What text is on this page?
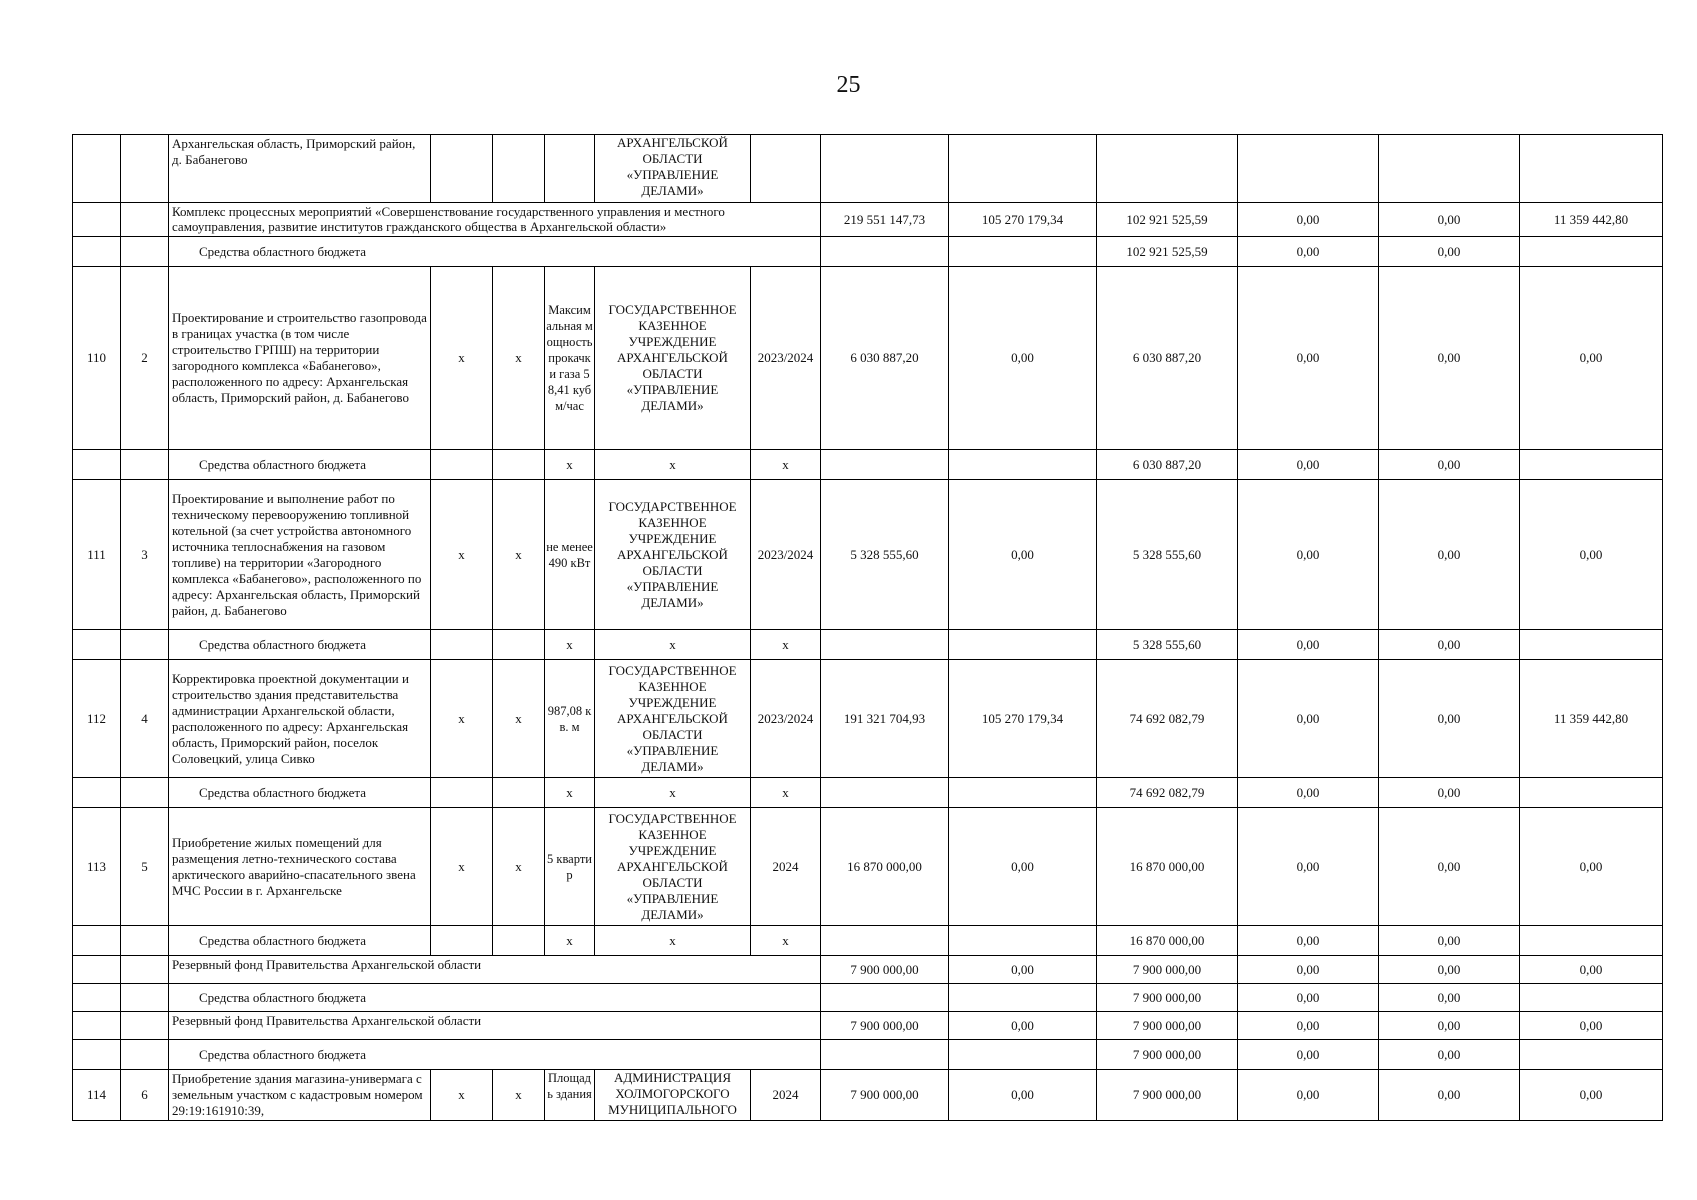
25
		Архангельская область, Приморский район, д. Бабанегово				АРХАНГЕЛЬСКОЙ ОБЛАСТИ «УПРАВЛЕНИЕ ДЕЛАМИ»							
		Комплекс процессных мероприятий «Совершенствование государственного управления и местного самоуправления, развитие институтов гражданского общества в Архангельской области»						219 551 147,73	105 270 179,34	102 921 525,59	0,00	0,00	11 359 442,80
		Средства областного бюджета								102 921 525,59	0,00	0,00	
110	2	Проектирование и строительство газопровода в границах участка (в том числе строительство ГРПШ) на территории загородного комплекса «Бабанегово», расположенного по адресу: Архангельская область, Приморский район, д. Бабанегово	х	х	Максимальная мощность прокачки газа 58,41 куб м/час	ГОСУДАРСТВЕННОЕ КАЗЕННОЕ УЧРЕЖДЕНИЕ АРХАНГЕЛЬСКОЙ ОБЛАСТИ «УПРАВЛЕНИЕ ДЕЛАМИ»	2023/2024	6 030 887,20	0,00	6 030 887,20	0,00	0,00	0,00
		Средства областного бюджета			х	х	х			6 030 887,20	0,00	0,00	
111	3	Проектирование и выполнение работ по техническому перевооружению топливной котельной (за счет устройства автономного источника теплоснабжения на газовом топливе) на территории «Загородного комплекса «Бабанегово», расположенного по адресу: Архангельская область, Приморский район, д. Бабанегово	х	х	не менее 490 кВт	ГОСУДАРСТВЕННОЕ КАЗЕННОЕ УЧРЕЖДЕНИЕ АРХАНГЕЛЬСКОЙ ОБЛАСТИ «УПРАВЛЕНИЕ ДЕЛАМИ»	2023/2024	5 328 555,60	0,00	5 328 555,60	0,00	0,00	0,00
		Средства областного бюджета			х	х	х			5 328 555,60	0,00	0,00	
112	4	Корректировка проектной документации и строительство здания представительства администрации Архангельской области, расположенного по адресу: Архангельская область, Приморский район, поселок Соловецкий, улица Сивко	х	х	987,08 кв. м	ГОСУДАРСТВЕННОЕ КАЗЕННОЕ УЧРЕЖДЕНИЕ АРХАНГЕЛЬСКОЙ ОБЛАСТИ «УПРАВЛЕНИЕ ДЕЛАМИ»	2023/2024	191 321 704,93	105 270 179,34	74 692 082,79	0,00	0,00	11 359 442,80
		Средства областного бюджета			х	х	х			74 692 082,79	0,00	0,00	
113	5	Приобретение жилых помещений для размещения летно-технического состава арктического аварийно-спасательного звена МЧС России в г. Архангельске	х	х	5 квартир	ГОСУДАРСТВЕННОЕ КАЗЕННОЕ УЧРЕЖДЕНИЕ АРХАНГЕЛЬСКОЙ ОБЛАСТИ «УПРАВЛЕНИЕ ДЕЛАМИ»	2024	16 870 000,00	0,00	16 870 000,00	0,00	0,00	0,00
		Средства областного бюджета			х	х	х			16 870 000,00	0,00	0,00	
		Резервный фонд Правительства Архангельской области						7 900 000,00	0,00	7 900 000,00	0,00	0,00	0,00
		Средства областного бюджета								7 900 000,00	0,00	0,00	
		Резервный фонд Правительства Архангельской области						7 900 000,00	0,00	7 900 000,00	0,00	0,00	0,00
		Средства областного бюджета								7 900 000,00	0,00	0,00	
114	6	Приобретение здания магазина-универмага с земельным участком с кадастровым номером 29:19:161910:39,	х	х	Площадь здания	АДМИНИСТРАЦИЯ ХОЛМОГОРСКОГО МУНИЦИПАЛЬНОГО	2024	7 900 000,00	0,00	7 900 000,00	0,00	0,00	0,00
